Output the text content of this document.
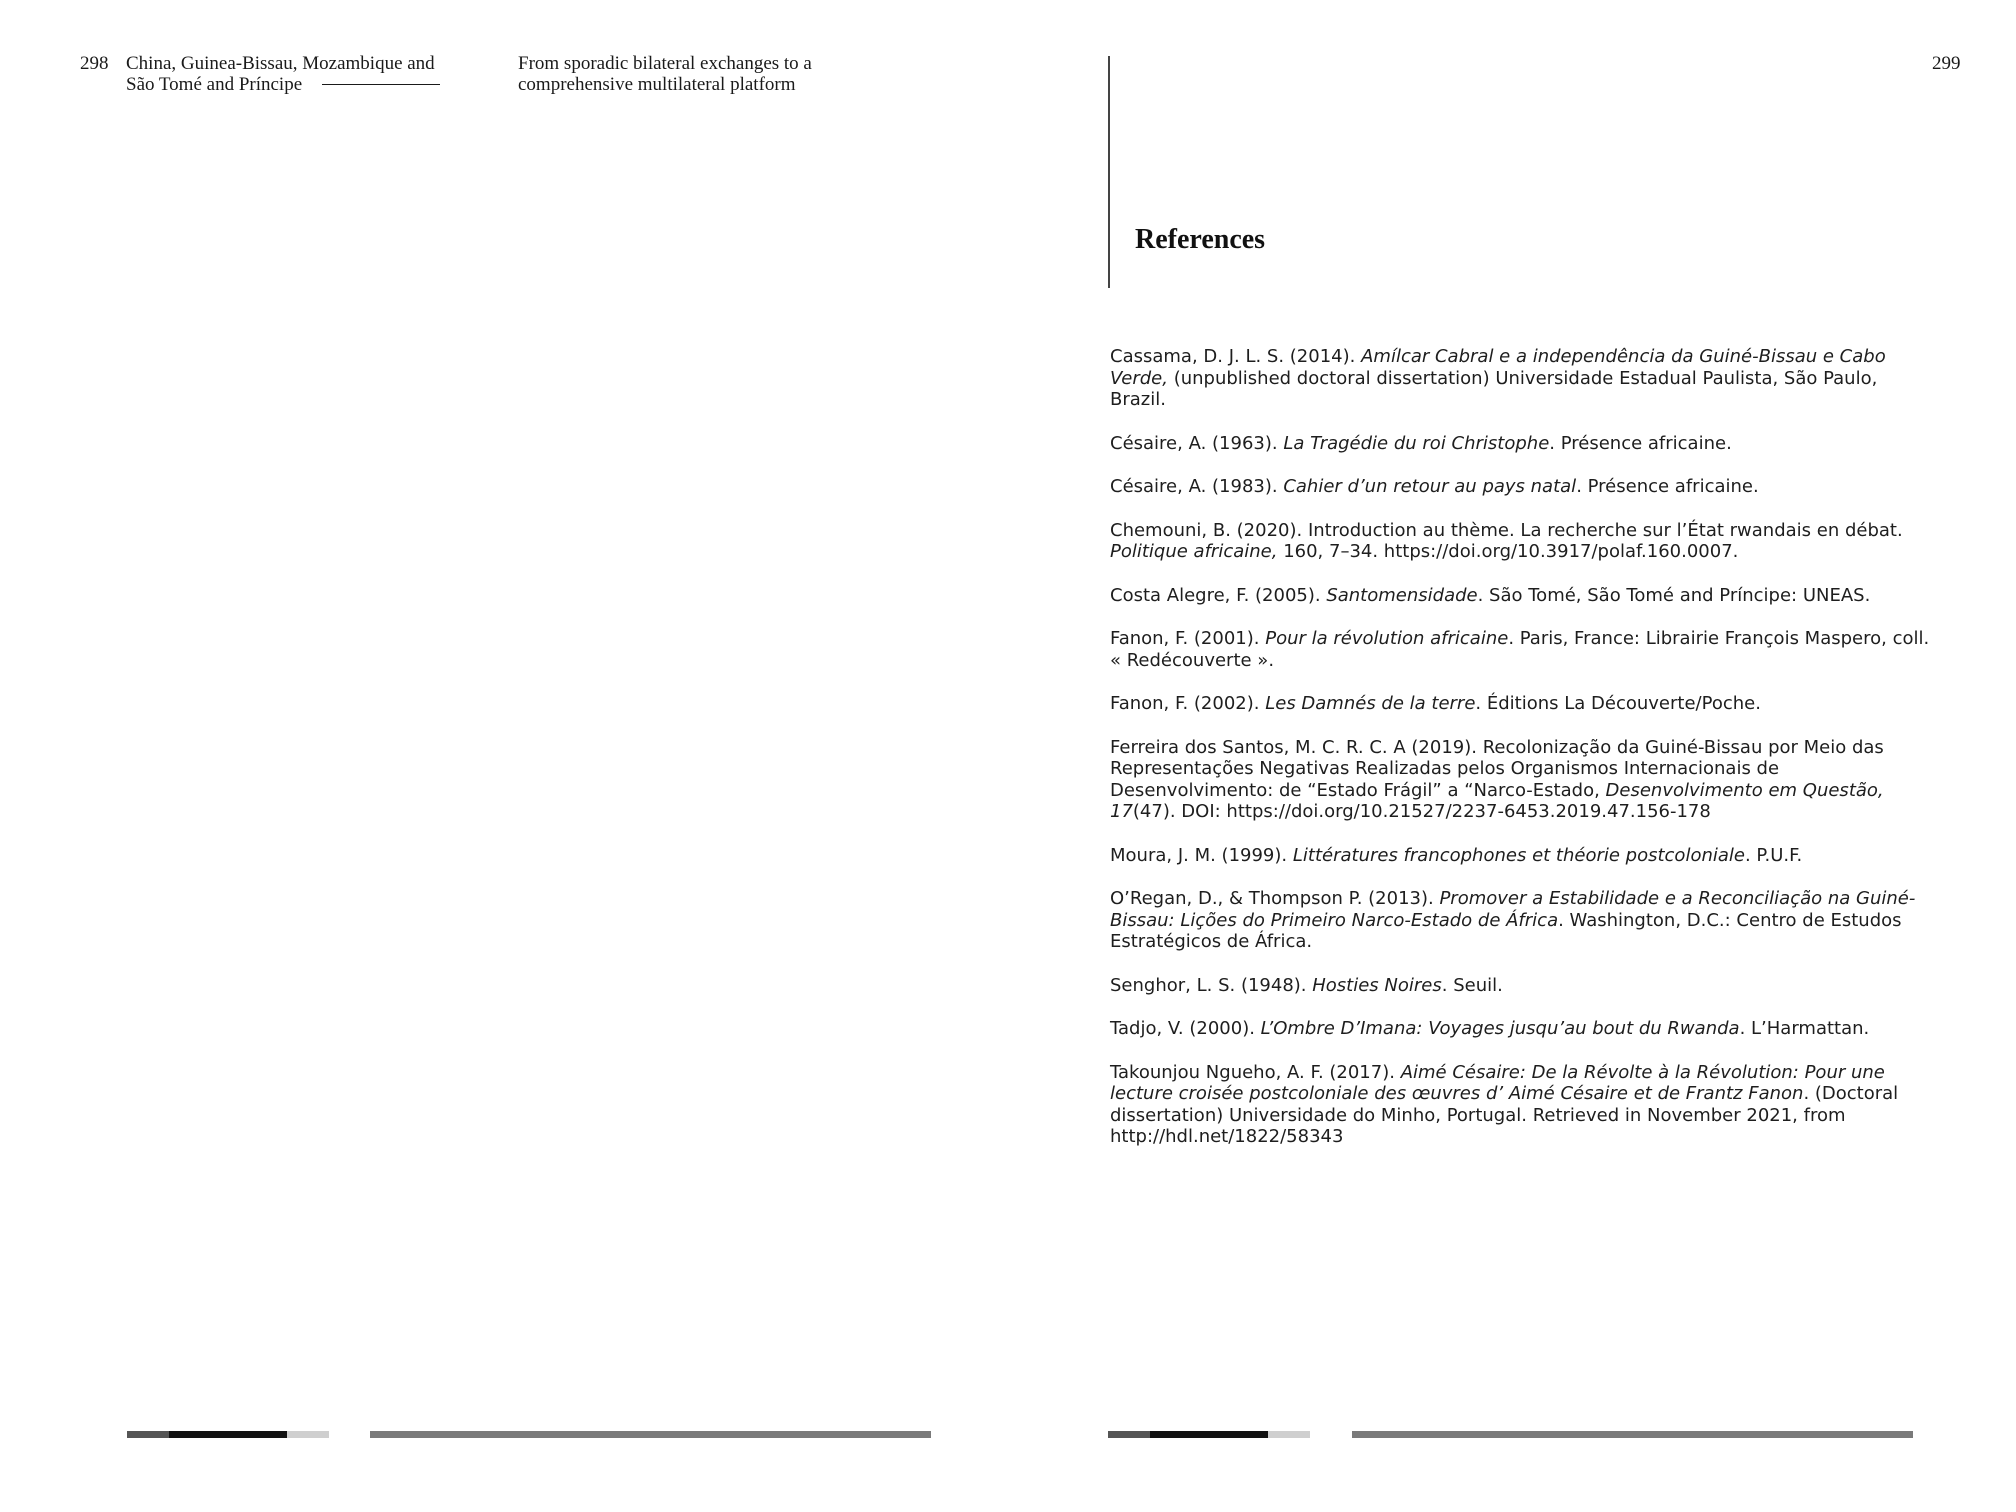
298 China, Guinea-Bissau, Mozambique and
São Tomé and Príncipe
From sporadic bilateral exchanges to a
comprehensive multilateral platform
299
References
Cassama, D. J. L. S. (2014). Amílcar Cabral e a independência da Guiné-Bissau e Cabo Verde, (unpublished doctoral dissertation) Universidade Estadual Paulista, São Paulo, Brazil.
Césaire, A. (1963). La Tragédie du roi Christophe. Présence africaine.
Césaire, A. (1983). Cahier d’un retour au pays natal. Présence africaine.
Chemouni, B. (2020). Introduction au thème. La recherche sur l’État rwandais en débat. Politique africaine, 160, 7–34. https://doi.org/10.3917/polaf.160.0007.
Costa Alegre, F. (2005). Santomensidade. São Tomé, São Tomé and Príncipe: UNEAS.
Fanon, F. (2001). Pour la révolution africaine. Paris, France: Librairie François Maspero, coll. « Redécouverte ».
Fanon, F. (2002). Les Damnés de la terre. Éditions La Découverte/Poche.
Ferreira dos Santos, M. C. R. C. A (2019). Recolonização da Guiné-Bissau por Meio das Representações Negativas Realizadas pelos Organismos Internacionais de Desenvolvimento: de “Estado Frágil” a “Narco-Estado, Desenvolvimento em Questão, 17(47). DOI: https://doi.org/10.21527/2237-6453.2019.47.156-178
Moura, J. M. (1999). Littératures francophones et théorie postcoloniale. P.U.F.
O’Regan, D., & Thompson P. (2013). Promover a Estabilidade e a Reconciliação na Guiné-Bissau: Lições do Primeiro Narco-Estado de África. Washington, D.C.: Centro de Estudos Estratégicos de África.
Senghor, L. S. (1948). Hosties Noires. Seuil.
Tadjo, V. (2000). L’Ombre D’Imana: Voyages jusqu’au bout du Rwanda. L’Harmattan.
Takounjou Ngueho, A. F. (2017). Aimé Césaire: De la Révolte à la Révolution: Pour une lecture croisée postcoloniale des œuvres d’ Aimé Césaire et de Frantz Fanon. (Doctoral dissertation) Universidade do Minho, Portugal. Retrieved in November 2021, from http://hdl.net/1822/58343
